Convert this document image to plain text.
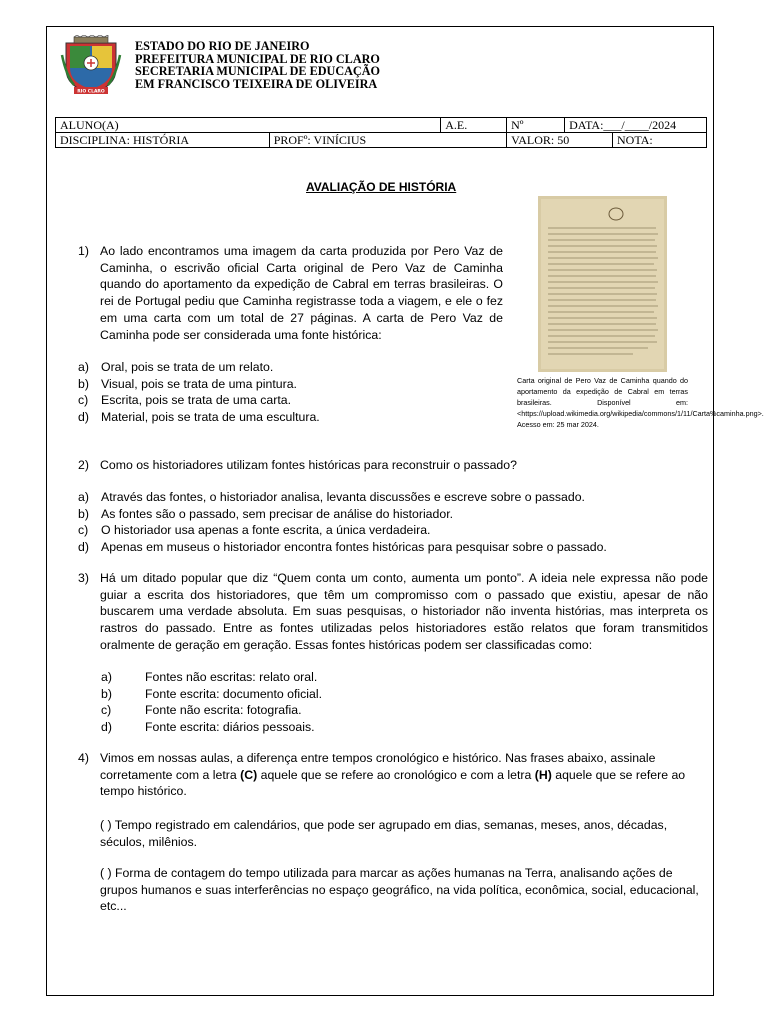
RIO CLARO
ESTADO DO RIO DE JANEIRO
PREFEITURA MUNICIPAL DE RIO CLARO
SECRETARIA MUNICIPAL DE EDUCAÇÃO
EM FRANCISCO TEIXEIRA DE OLIVEIRA
ALUNO(A)		A.E.	Nº	DATA:___/____/2024	
DISCIPLINA: HISTÓRIA	PROFº: VINÍCIUS		VALOR: 50		NOTA:
AVALIAÇÃO DE HISTÓRIA
Carta original de Pero Vaz de Caminha quando do aportamento da expedição de Cabral em terras brasileiras. Disponível em: <https://upload.wikimedia.org/wikipedia/commons/1/11/Carta%caminha.png>. Acesso em: 25 mar 2024.
1) Ao lado encontramos uma imagem da carta produzida por Pero Vaz de Caminha, o escrivão oficial Carta original de Pero Vaz de Caminha quando do aportamento da expedição de Cabral em terras brasileiras. O rei de Portugal pediu que Caminha registrasse toda a viagem, e ele o fez em uma carta com um total de 27 páginas. A carta de Pero Vaz de Caminha pode ser considerada uma fonte histórica:
a) Oral, pois se trata de um relato.
b) Visual, pois se trata de uma pintura.
c) Escrita, pois se trata de uma carta.
d) Material, pois se trata de uma escultura.
2) Como os historiadores utilizam fontes históricas para reconstruir o passado?
a) Através das fontes, o historiador analisa, levanta discussões e escreve sobre o passado.
b) As fontes são o passado, sem precisar de análise do historiador.
c) O historiador usa apenas a fonte escrita, a única verdadeira.
d) Apenas em museus o historiador encontra fontes históricas para pesquisar sobre o passado.
3) Há um ditado popular que diz “Quem conta um conto, aumenta um ponto”. A ideia nele expressa não pode guiar a escrita dos historiadores, que têm um compromisso com o passado que existiu, apesar de não buscarem uma verdade absoluta. Em suas pesquisas, o historiador não inventa histórias, mas interpreta os rastros do passado. Entre as fontes utilizadas pelos historiadores estão relatos que foram transmitidos oralmente de geração em geração. Essas fontes históricas podem ser classificadas como:
a)	Fontes não escritas: relato oral.
b)	Fonte escrita: documento oficial.
c)	Fonte não escrita: fotografia.
d)	Fonte escrita: diários pessoais.
4) Vimos em nossas aulas, a diferença entre tempos cronológico e histórico. Nas frases abaixo, assinale corretamente com a letra (C) aquele que se refere ao cronológico e com a letra (H) aquele que se refere ao tempo histórico.
( ) Tempo registrado em calendários, que pode ser agrupado em dias, semanas, meses, anos, décadas, séculos, milênios.
( ) Forma de contagem do tempo utilizada para marcar as ações humanas na Terra, analisando ações de grupos humanos e suas interferências no espaço geográfico, na vida política, econômica, social, educacional, etc...
